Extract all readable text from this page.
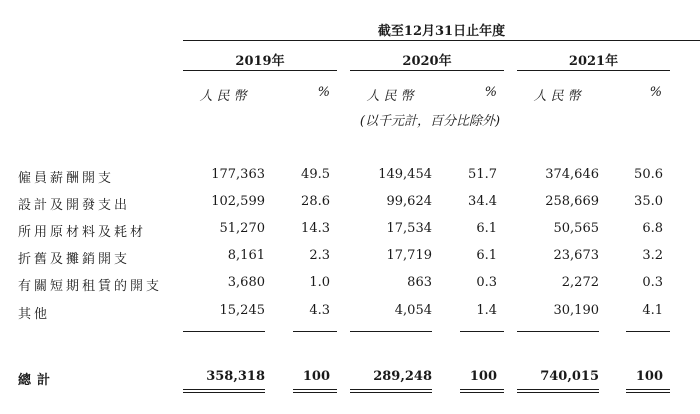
截至12月31日止年度
2019年	2020年	2021年
人民幣	%	人民幣	%	人民幣	%
(以千元計，百分比除外)
僱員薪酬開支	177,363	49.5	149,454	51.7	374,646	50.6
設計及開發支出	102,599	28.6	99,624	34.4	258,669	35.0
所用原材料及耗材	51,270	14.3	17,534	6.1	50,565	6.8
折舊及攤銷開支	8,161	2.3	17,719	6.1	23,673	3.2
有關短期租賃的開支	3,680	1.0	863	0.3	2,272	0.3
其他	15,245	4.3	4,054	1.4	30,190	4.1
總計	358,318	100	289,248	100	740,015	100
